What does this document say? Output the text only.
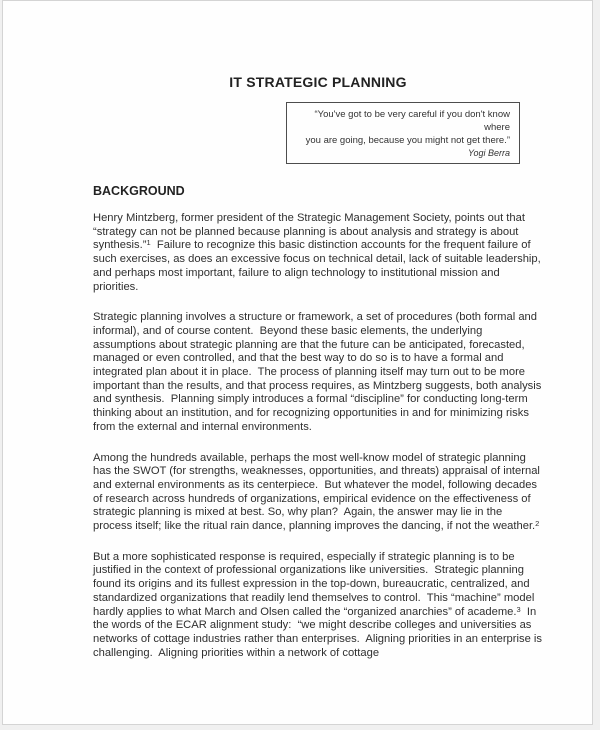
IT STRATEGIC PLANNING
“You've got to be very careful if you don't know where
you are going, because you might not get there.”
Yogi Berra
BACKGROUND

Henry Mintzberg, former president of the Strategic Management Society, points out that “strategy can not be planned because planning is about analysis and strategy is about synthesis.”$^1$  Failure to recognize this basic distinction accounts for the frequent failure of such exercises, as does an excessive focus on technical detail, lack of suitable leadership, and perhaps most important, failure to align technology to institutional mission and priorities.

Strategic planning involves a structure or framework, a set of procedures (both formal and informal), and of course content.  Beyond these basic elements, the underlying assumptions about strategic planning are that the future can be anticipated, forecasted, managed or even controlled, and that the best way to do so is to have a formal and integrated plan about it in place.  The process of planning itself may turn out to be more important than the results, and that process requires, as Mintzberg suggests, both analysis and synthesis.  Planning simply introduces a formal “discipline” for conducting long-term thinking about an institution, and for recognizing opportunities in and for minimizing risks from the external and internal environments.

Among the hundreds available, perhaps the most well-know model of strategic planning has the SWOT (for strengths, weaknesses, opportunities, and threats) appraisal of internal and external environments as its centerpiece.  But whatever the model, following decades of research across hundreds of organizations, empirical evidence on the effectiveness of strategic planning is mixed at best. So, why plan?  Again, the answer may lie in the process itself; like the ritual rain dance, planning improves the dancing, if not the weather.$^2$

But a more sophisticated response is required, especially if strategic planning is to be justified in the context of professional organizations like universities.  Strategic planning found its origins and its fullest expression in the top-down, bureaucratic, centralized, and standardized organizations that readily lend themselves to control.  This “machine” model hardly applies to what March and Olsen called the “organized anarchies” of academe.$^3$  In the words of the ECAR alignment study:  “we might describe colleges and universities as networks of cottage industries rather than enterprises.  Aligning priorities in an enterprise is challenging.  Aligning priorities within a network of cottage
